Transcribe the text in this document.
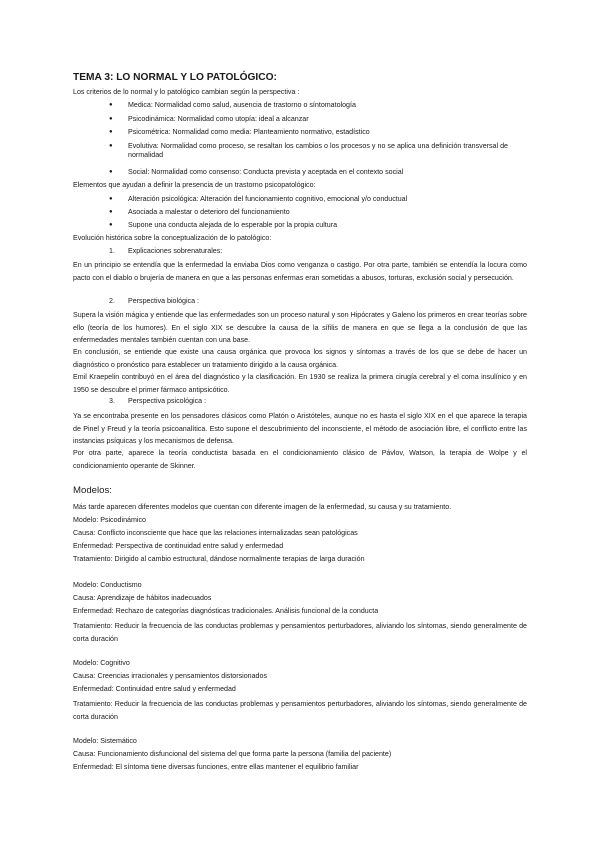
TEMA 3: LO NORMAL Y LO PATOLÓGICO:
Los criterios de lo normal y lo patológico cambian según la perspectiva :
● Medica: Normalidad como salud, ausencia de trastorno o síntomatología
● Psicodinámica: Normalidad como utopía: ideal a alcanzar
● Psicométrica: Normalidad como media: Planteamiento normativo, estadístico
● Evolutiva: Normalidad como proceso, se resaltan los cambios o los procesos y no se aplica una definición transversal de normalidad
● Social: Normalidad como consenso: Conducta prevista y aceptada en el contexto social
Elementos que ayudan a definir la presencia de un trastorno psicopatológico:
● Alteración psicológica: Alteración del funcionamiento cognitivo, emocional y/o conductual
● Asociada a malestar o deterioro del funcionamiento
● Supone una conducta alejada de lo esperable por la propia cultura
Evolución histórica sobre la conceptualización de lo patológico:
1. Explicaciones sobrenaturales:
En un principio se entendía que la enfermedad la enviaba Dios como venganza o castigo. Por otra parte, también se entendía la locura como pacto con el diablo o brujería de manera en que a las personas enfermas eran sometidas a abusos, torturas, exclusión social y persecución.
2. Perspectiva biológica :
Supera la visión mágica y entiende que las enfermedades son un proceso natural y son Hipócrates y Galeno los primeros en crear teorías sobre ello (teoría de los humores). En el siglo XIX se descubre la causa de la sífilis de manera en que se llega a la conclusión de que las enfermedades mentales también cuentan con una base.
En conclusión, se entiende que existe una causa orgánica que provoca los signos y síntomas a través de los que se debe de hacer un diagnóstico o pronóstico para establecer un tratamiento dirigido a la causa orgánica.
Emil Kraepelin contribuyó en el área del diagnóstico y la clasificación. En 1930 se realiza la primera cirugía cerebral y el coma insulínico y en 1950 se descubre el primer fármaco antipsicótico.
3. Perspectiva psicológica :
Ya se encontraba presente en los pensadores clásicos como Platón o Aristóteles, aunque no es hasta el siglo XIX en el que aparece la terapia de Pinel y Freud y la teoría psicoanalítica. Esto supone el descubrimiento del inconsciente, el método de asociación libre, el conflicto entre las instancias psíquicas y los mecanismos de defensa.
Por otra parte, aparece la teoría conductista basada en el condicionamiento clásico de Pávlov, Watson, la terapia de Wolpe y el condicionamiento operante de Skinner.
Modelos:
Más tarde aparecen diferentes modelos que cuentan con diferente imagen de la enfermedad, su causa y su tratamiento.
Modelo: Psicodinámico
Causa: Conflicto inconsciente que hace que las relaciones internalizadas sean patológicas
Enfermedad: Perspectiva de continuidad entre salud y enfermedad
Tratamiento: Dirigido al cambio estructural, dándose normalmente terapias de larga duración
Modelo: Conductismo
Causa: Aprendizaje de hábitos inadecuados
Enfermedad: Rechazo de categorías diagnósticas tradicionales. Análisis funcional de la conducta
Tratamiento: Reducir la frecuencia de las conductas problemas y pensamientos perturbadores, aliviando los síntomas, siendo generalmente de corta duración
Modelo: Cognitivo
Causa: Creencias irracionales y pensamientos distorsionados
Enfermedad: Continuidad entre salud y enfermedad
Tratamiento: Reducir la frecuencia de las conductas problemas y pensamientos perturbadores, aliviando los síntomas, siendo generalmente de corta duración
Modelo: Sistemático
Causa: Funcionamiento disfuncional del sistema del que forma parte la persona (familia del paciente)
Enfermedad: El síntoma tiene diversas funciones, entre ellas mantener el equilibrio familiar
